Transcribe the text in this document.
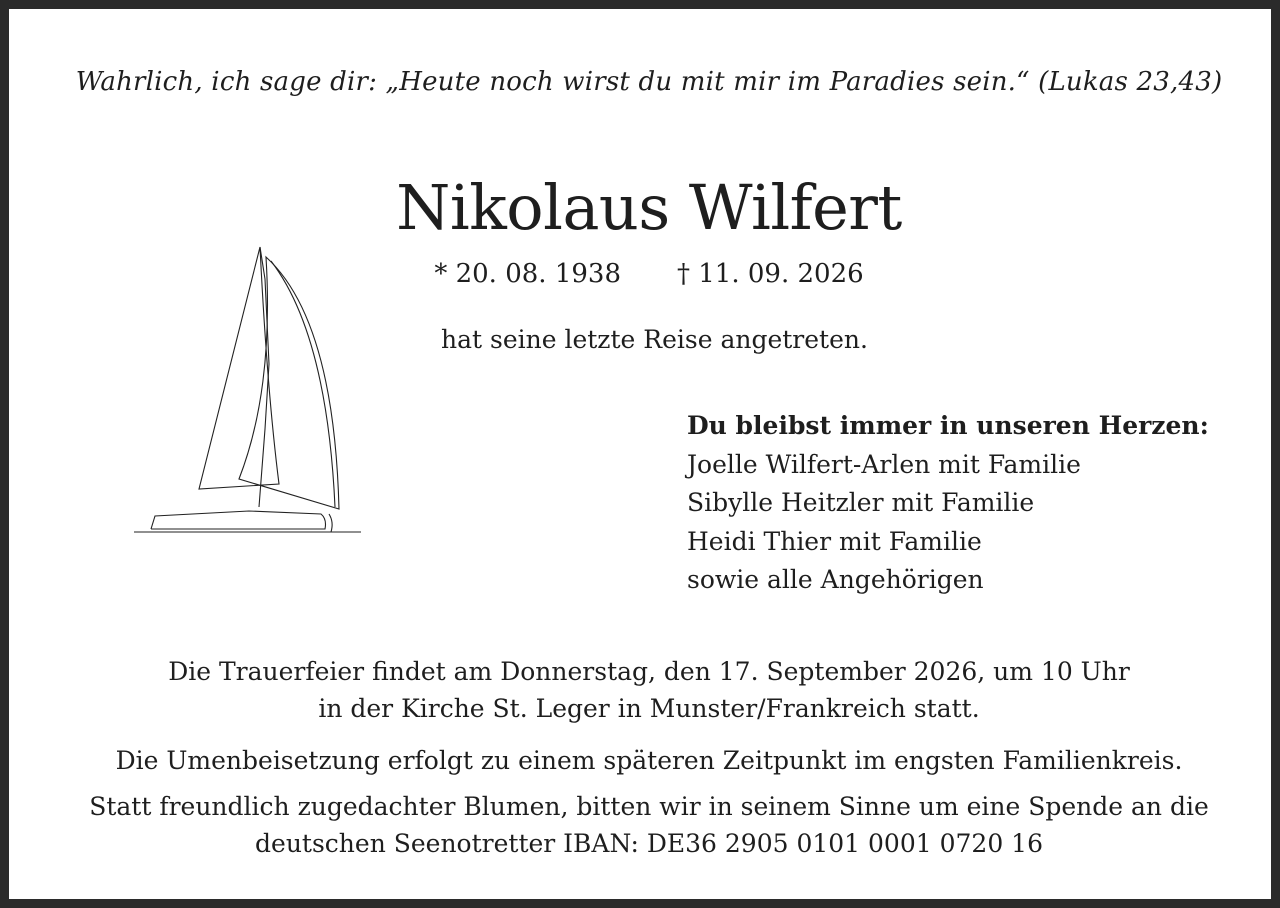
Wahrlich, ich sage dir: „Heute noch wirst du mit mir im Paradies sein.“ (Lukas 23,43)
Nikolaus Wilfert
* 20. 08. 1938 † 11. 09. 2026
hat seine letzte Reise angetreten.
Du bleibst immer in unseren Herzen:
Joelle Wilfert-Arlen mit Familie
Sibylle Heitzler mit Familie
Heidi Thier mit Familie
sowie alle Angehörigen
Die Trauerfeier findet am Donnerstag, den 17. September 2026, um 10 Uhr
in der Kirche St. Leger in Munster/Frankreich statt.
Die Umenbeisetzung erfolgt zu einem späteren Zeitpunkt im engsten Familienkreis.
Statt freundlich zugedachter Blumen, bitten wir in seinem Sinne um eine Spende an die
deutschen Seenotretter IBAN: DE36 2905 0101 0001 0720 16
